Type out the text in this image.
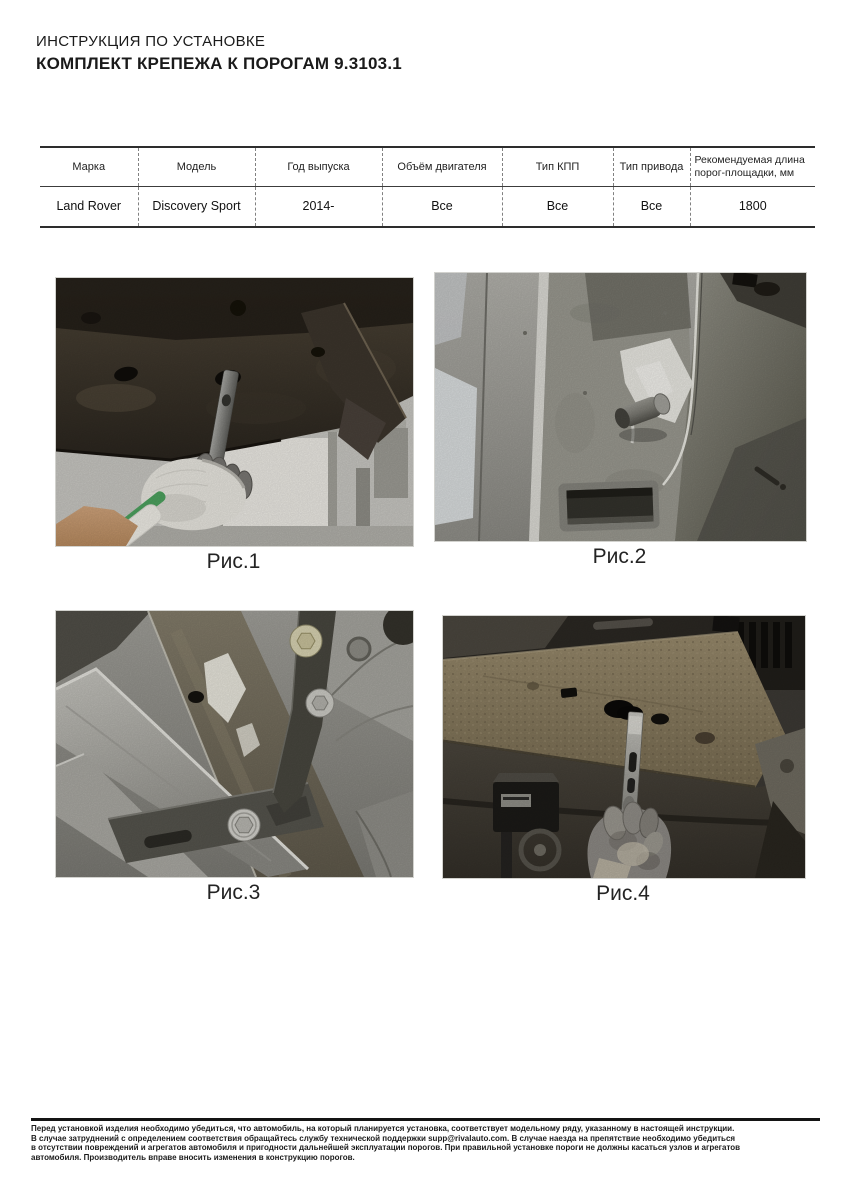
ИНСТРУКЦИЯ ПО УСТАНОВКЕ
КОМПЛЕКТ КРЕПЕЖА К ПОРОГАМ 9.3103.1
Марка	Модель	Год выпуска	Объём двигателя	Тип КПП	Тип привода	Рекомендуемая длина порог-площадки, мм
Land Rover	Discovery Sport	2014-	Все	Все	Все	1800
Рис.1	Рис.2
Рис.3	Рис.4
Перед установкой изделия необходимо убедиться, что автомобиль, на который планируется установка, соответствует модельному ряду, указанному в настоящей инструкции.
В случае затруднений с определением соответствия обращайтесь службу технической поддержки supp@rivalauto.com. В случае наезда на препятствие необходимо убедиться
в отсутствии повреждений и агрегатов автомобиля и пригодности дальнейшей эксплуатации порогов. При правильной установке пороги не должны касаться узлов и агрегатов
автомобиля. Производитель вправе вносить изменения в конструкцию порогов.
